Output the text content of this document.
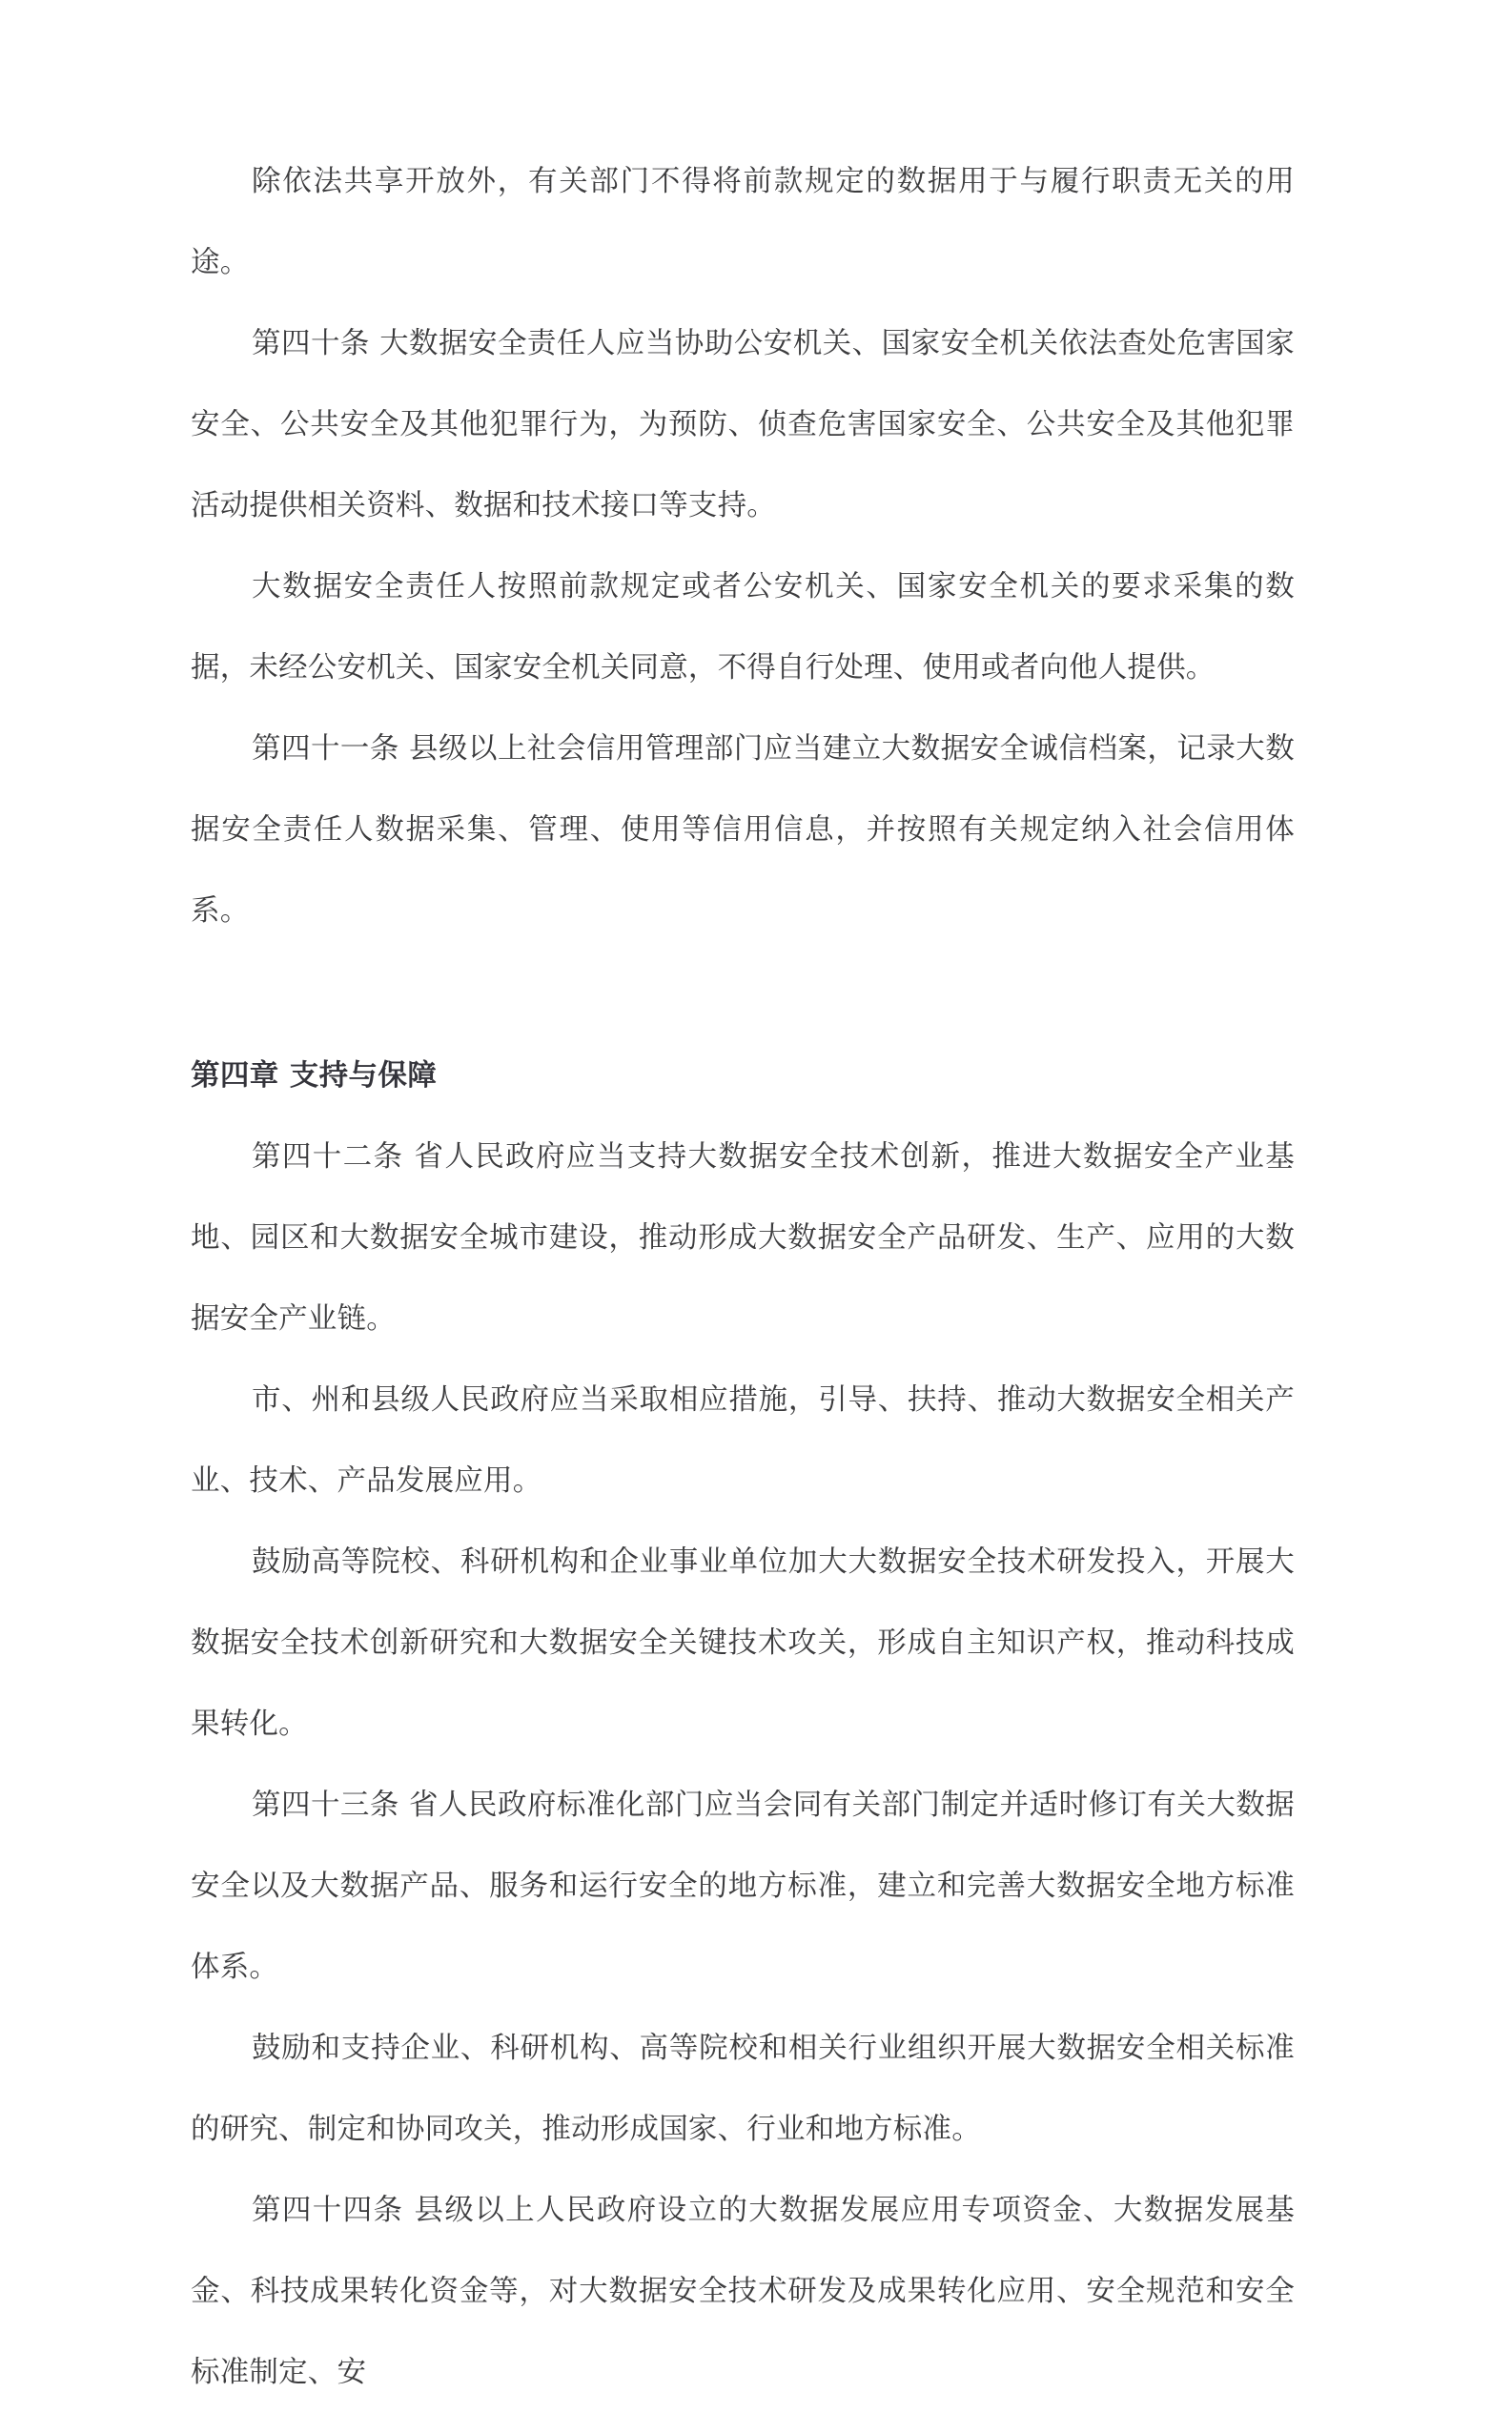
除依法共享开放外，有关部门不得将前款规定的数据用于与履行职责无关的用途。

第四十条 大数据安全责任人应当协助公安机关、国家安全机关依法查处危害国家安全、公共安全及其他犯罪行为，为预防、侦查危害国家安全、公共安全及其他犯罪活动提供相关资料、数据和技术接口等支持。

大数据安全责任人按照前款规定或者公安机关、国家安全机关的要求采集的数据，未经公安机关、国家安全机关同意，不得自行处理、使用或者向他人提供。

第四十一条 县级以上社会信用管理部门应当建立大数据安全诚信档案，记录大数据安全责任人数据采集、管理、使用等信用信息，并按照有关规定纳入社会信用体系。

第四章 支持与保障

第四十二条 省人民政府应当支持大数据安全技术创新，推进大数据安全产业基地、园区和大数据安全城市建设，推动形成大数据安全产品研发、生产、应用的大数据安全产业链。

市、州和县级人民政府应当采取相应措施，引导、扶持、推动大数据安全相关产业、技术、产品发展应用。

鼓励高等院校、科研机构和企业事业单位加大大数据安全技术研发投入，开展大数据安全技术创新研究和大数据安全关键技术攻关，形成自主知识产权，推动科技成果转化。

第四十三条 省人民政府标准化部门应当会同有关部门制定并适时修订有关大数据安全以及大数据产品、服务和运行安全的地方标准，建立和完善大数据安全地方标准体系。

鼓励和支持企业、科研机构、高等院校和相关行业组织开展大数据安全相关标准的研究、制定和协同攻关，推动形成国家、行业和地方标准。

第四十四条 县级以上人民政府设立的大数据发展应用专项资金、大数据发展基金、科技成果转化资金等，对大数据安全技术研发及成果转化应用、安全规范和安全标准制定、安
